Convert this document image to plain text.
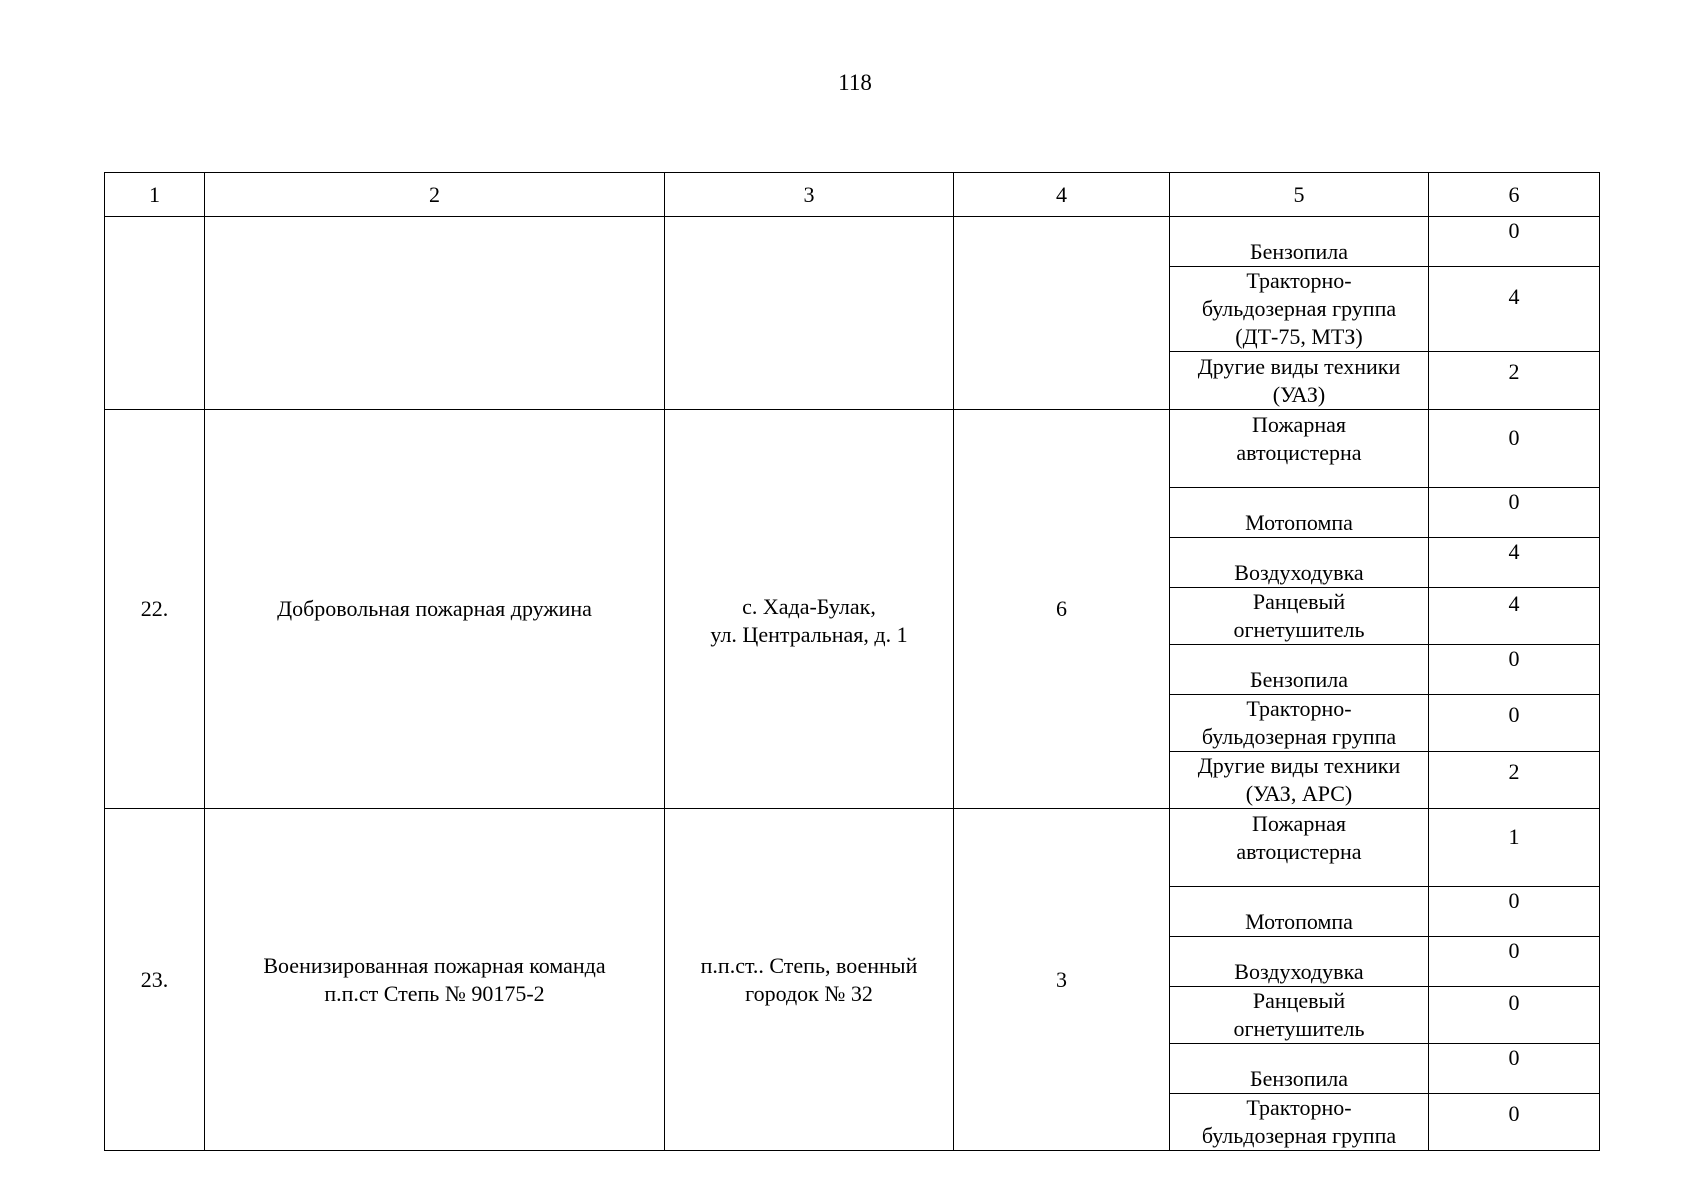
118
1	2	3	4	5	6
				Бензопила	0
				Тракторно-
бульдозерная группа
(ДТ-75, МТЗ)	4
				Другие виды техники
(УАЗ)	2
22.	Добровольная пожарная дружина	с. Хада-Булак,
ул. Центральная, д. 1	6	Пожарная
автоцистерна	0
				Мотопомпа	0
				Воздуходувка	4
				Ранцевый
огнетушитель	4
				Бензопила	0
				Тракторно-
бульдозерная группа	0
				Другие виды техники
(УАЗ, АРС)	2
23.	Военизированная пожарная команда
п.п.ст Степь № 90175-2	п.п.ст.. Степь, военный
городок № 32	3	Пожарная
автоцистерна	1
				Мотопомпа	0
				Воздуходувка	0
				Ранцевый
огнетушитель	0
				Бензопила	0
				Тракторно-
бульдозерная группа	0
